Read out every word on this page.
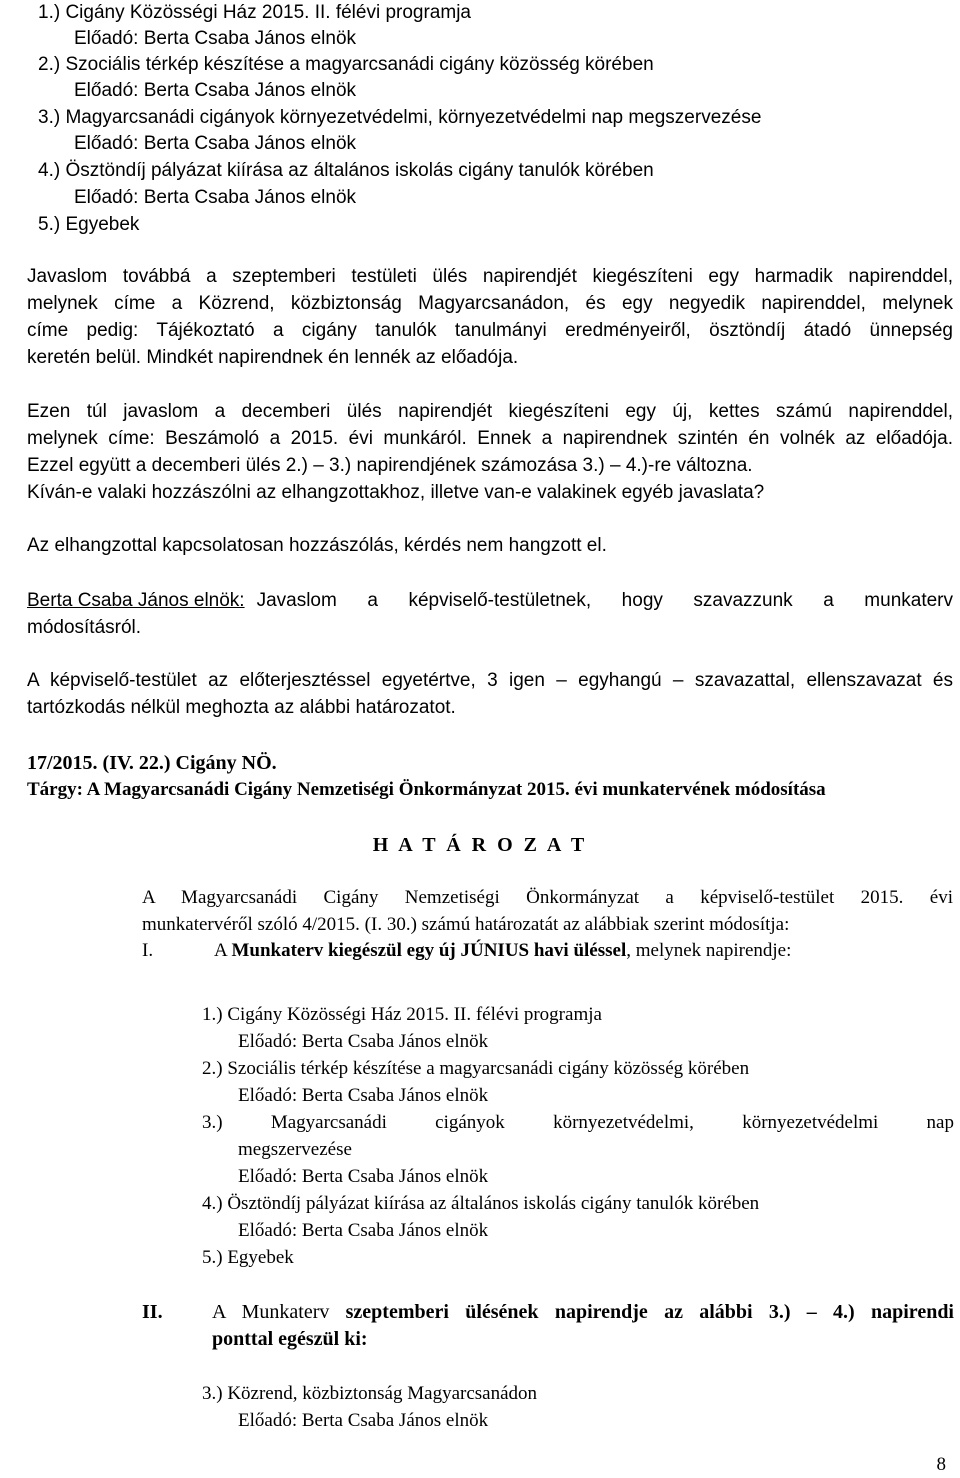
1.) Cigány Közösségi Ház 2015. II. félévi programja
Előadó: Berta Csaba János elnök
2.) Szociális térkép készítése a magyarcsanádi cigány közösség körében
Előadó: Berta Csaba János elnök
3.) Magyarcsanádi cigányok környezetvédelmi, környezetvédelmi nap megszervezése
Előadó: Berta Csaba János elnök
4.) Ösztöndíj pályázat kiírása az általános iskolás cigány tanulók körében
Előadó: Berta Csaba János elnök
5.) Egyebek
Javaslom továbbá a szeptemberi testületi ülés napirendjét kiegészíteni egy harmadik napirenddel,
melynek címe a Közrend, közbiztonság Magyarcsanádon, és egy negyedik napirenddel, melynek
címe pedig: Tájékoztató a cigány tanulók tanulmányi eredményeiről, ösztöndíj átadó ünnepség
keretén belül. Mindkét napirendnek én lennék az előadója.
Ezen túl javaslom a decemberi ülés napirendjét kiegészíteni egy új, kettes számú napirenddel,
melynek címe: Beszámoló a 2015. évi munkáról. Ennek a napirendnek szintén én volnék az előadója.
Ezzel együtt a decemberi ülés 2.) – 3.) napirendjének számozása 3.) – 4.)-re változna.
Kíván-e valaki hozzászólni az elhangzottakhoz, illetve van-e valakinek egyéb javaslata?
Az elhangzottal kapcsolatosan hozzászólás, kérdés nem hangzott el.
Berta Csaba János elnök: Javaslom a képviselő-testületnek, hogy szavazzunk a munkaterv
módosításról.
A képviselő-testület az előterjesztéssel egyetértve, 3 igen – egyhangú – szavazattal, ellenszavazat és
tartózkodás nélkül meghozta az alábbi határozatot.
17/2015. (IV. 22.) Cigány NÖ.
Tárgy: A Magyarcsanádi Cigány Nemzetiségi Önkormányzat 2015. évi munkatervének módosítása
H A T Á R O Z A T
A Magyarcsanádi Cigány Nemzetiségi Önkormányzat a képviselő-testület 2015. évi
munkatervéről szóló 4/2015. (I. 30.) számú határozatát az alábbiak szerint módosítja:
I.	A Munkaterv kiegészül egy új JÚNIUS havi üléssel, melynek napirendje:
1.) Cigány Közösségi Ház 2015. II. félévi programja
Előadó: Berta Csaba János elnök
2.) Szociális térkép készítése a magyarcsanádi cigány közösség körében
Előadó: Berta Csaba János elnök
3.) Magyarcsanádi cigányok környezetvédelmi, környezetvédelmi nap
megszervezése
Előadó: Berta Csaba János elnök
4.) Ösztöndíj pályázat kiírása az általános iskolás cigány tanulók körében
Előadó: Berta Csaba János elnök
5.) Egyebek
II. A Munkaterv szeptemberi ülésének napirendje az alábbi 3.) – 4.) napirendi
ponttal egészül ki:
3.) Közrend, közbiztonság Magyarcsanádon
Előadó: Berta Csaba János elnök
8
